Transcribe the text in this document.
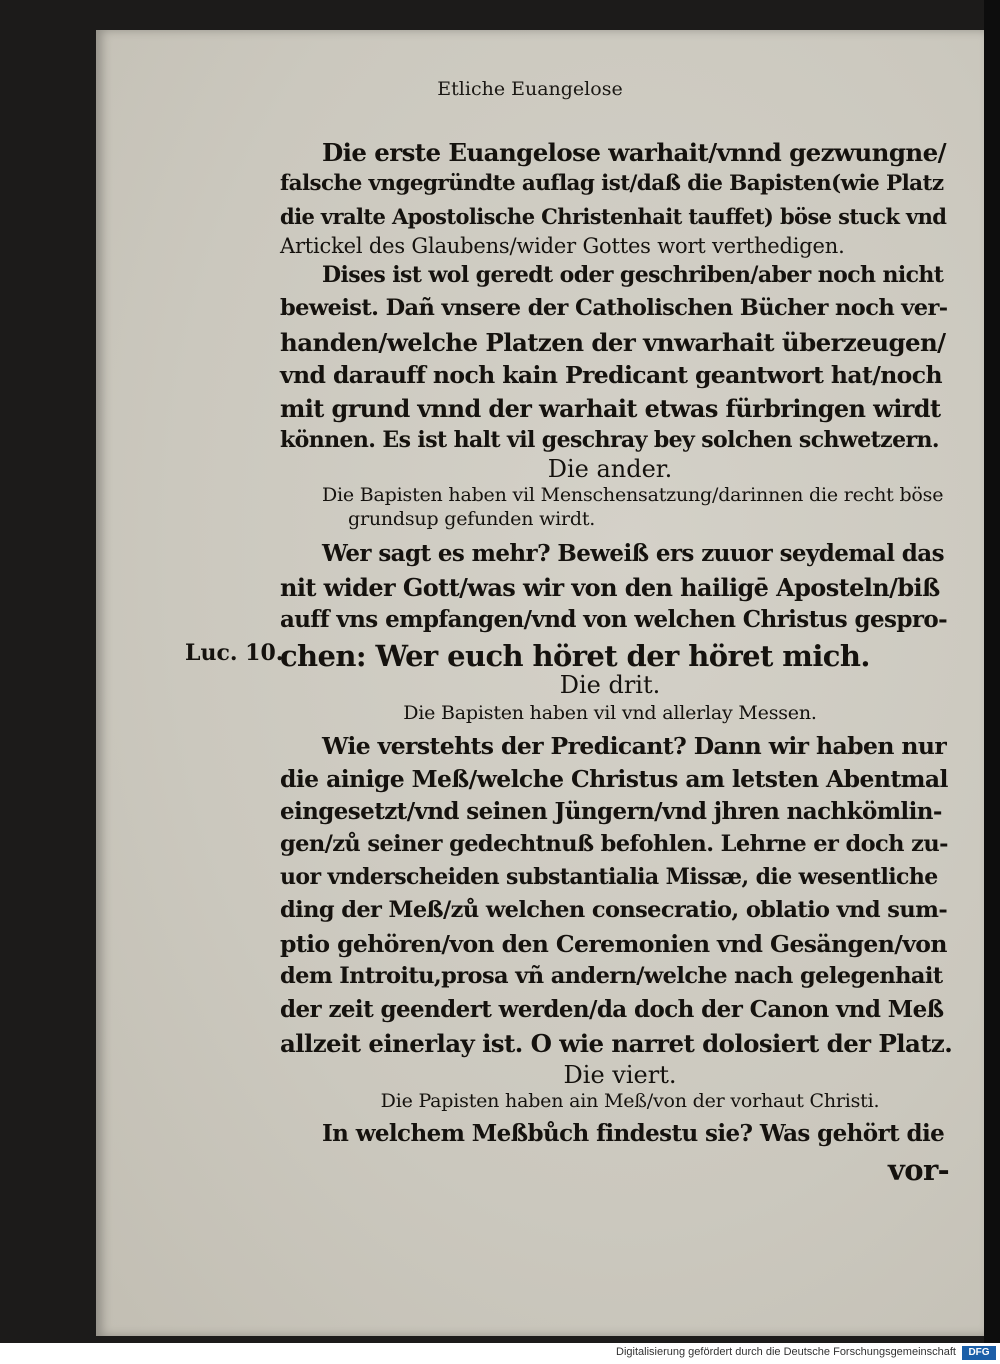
Etliche Euangelose
Die erste Euangelose warhait/vnnd gezwungne/
falsche vngegründte auflag ist/daß die Bapisten(wie Platz
die vralte Apostolische Christenhait tauffet) böse stuck vnd
Artickel des Glaubens/wider Gottes wort verthedigen.
Dises ist wol geredt oder geschriben/aber noch nicht
beweist. Dañ vnsere der Catholischen Bücher noch ver-
handen/welche Platzen der vnwarhait überzeugen/
vnd darauff noch kain Predicant geantwort hat/noch
mit grund vnnd der warhait etwas fürbringen wirdt
können. Es ist halt vil geschray bey solchen schwetzern.
Die ander.
Die Bapisten haben vil Menschensatzung/darinnen die recht böse
grundsup gefunden wirdt.
Wer sagt es mehr? Beweiß ers zuuor seydemal das
nit wider Gott/was wir von den hailigē Aposteln/biß
auff vns empfangen/vnd von welchen Christus gespro-
chen: Wer euch höret der höret mich.
Luc. 10.
Die drit.
Die Bapisten haben vil vnd allerlay Messen.
Wie verstehts der Predicant? Dann wir haben nur
die ainige Meß/welche Christus am letsten Abentmal
eingesetzt/vnd seinen Jüngern/vnd jhren nachkömlin-
gen/zů seiner gedechtnuß befohlen. Lehrne er doch zu-
uor vnderscheiden substantialia Missæ, die wesentliche
ding der Meß/zů welchen consecratio, oblatio vnd sum-
ptio gehören/von den Ceremonien vnd Gesängen/von
dem Introitu,prosa vñ andern/welche nach gelegenhait
der zeit geendert werden/da doch der Canon vnd Meß
allzeit einerlay ist. O wie narret dolosiert der Platz.
Die viert.
Die Papisten haben ain Meß/von der vorhaut Christi.
In welchem Meßbůch findestu sie? Was gehört die
vor-
Digitalisierung gefördert durch die Deutsche Forschungsgemeinschaft	DFG
